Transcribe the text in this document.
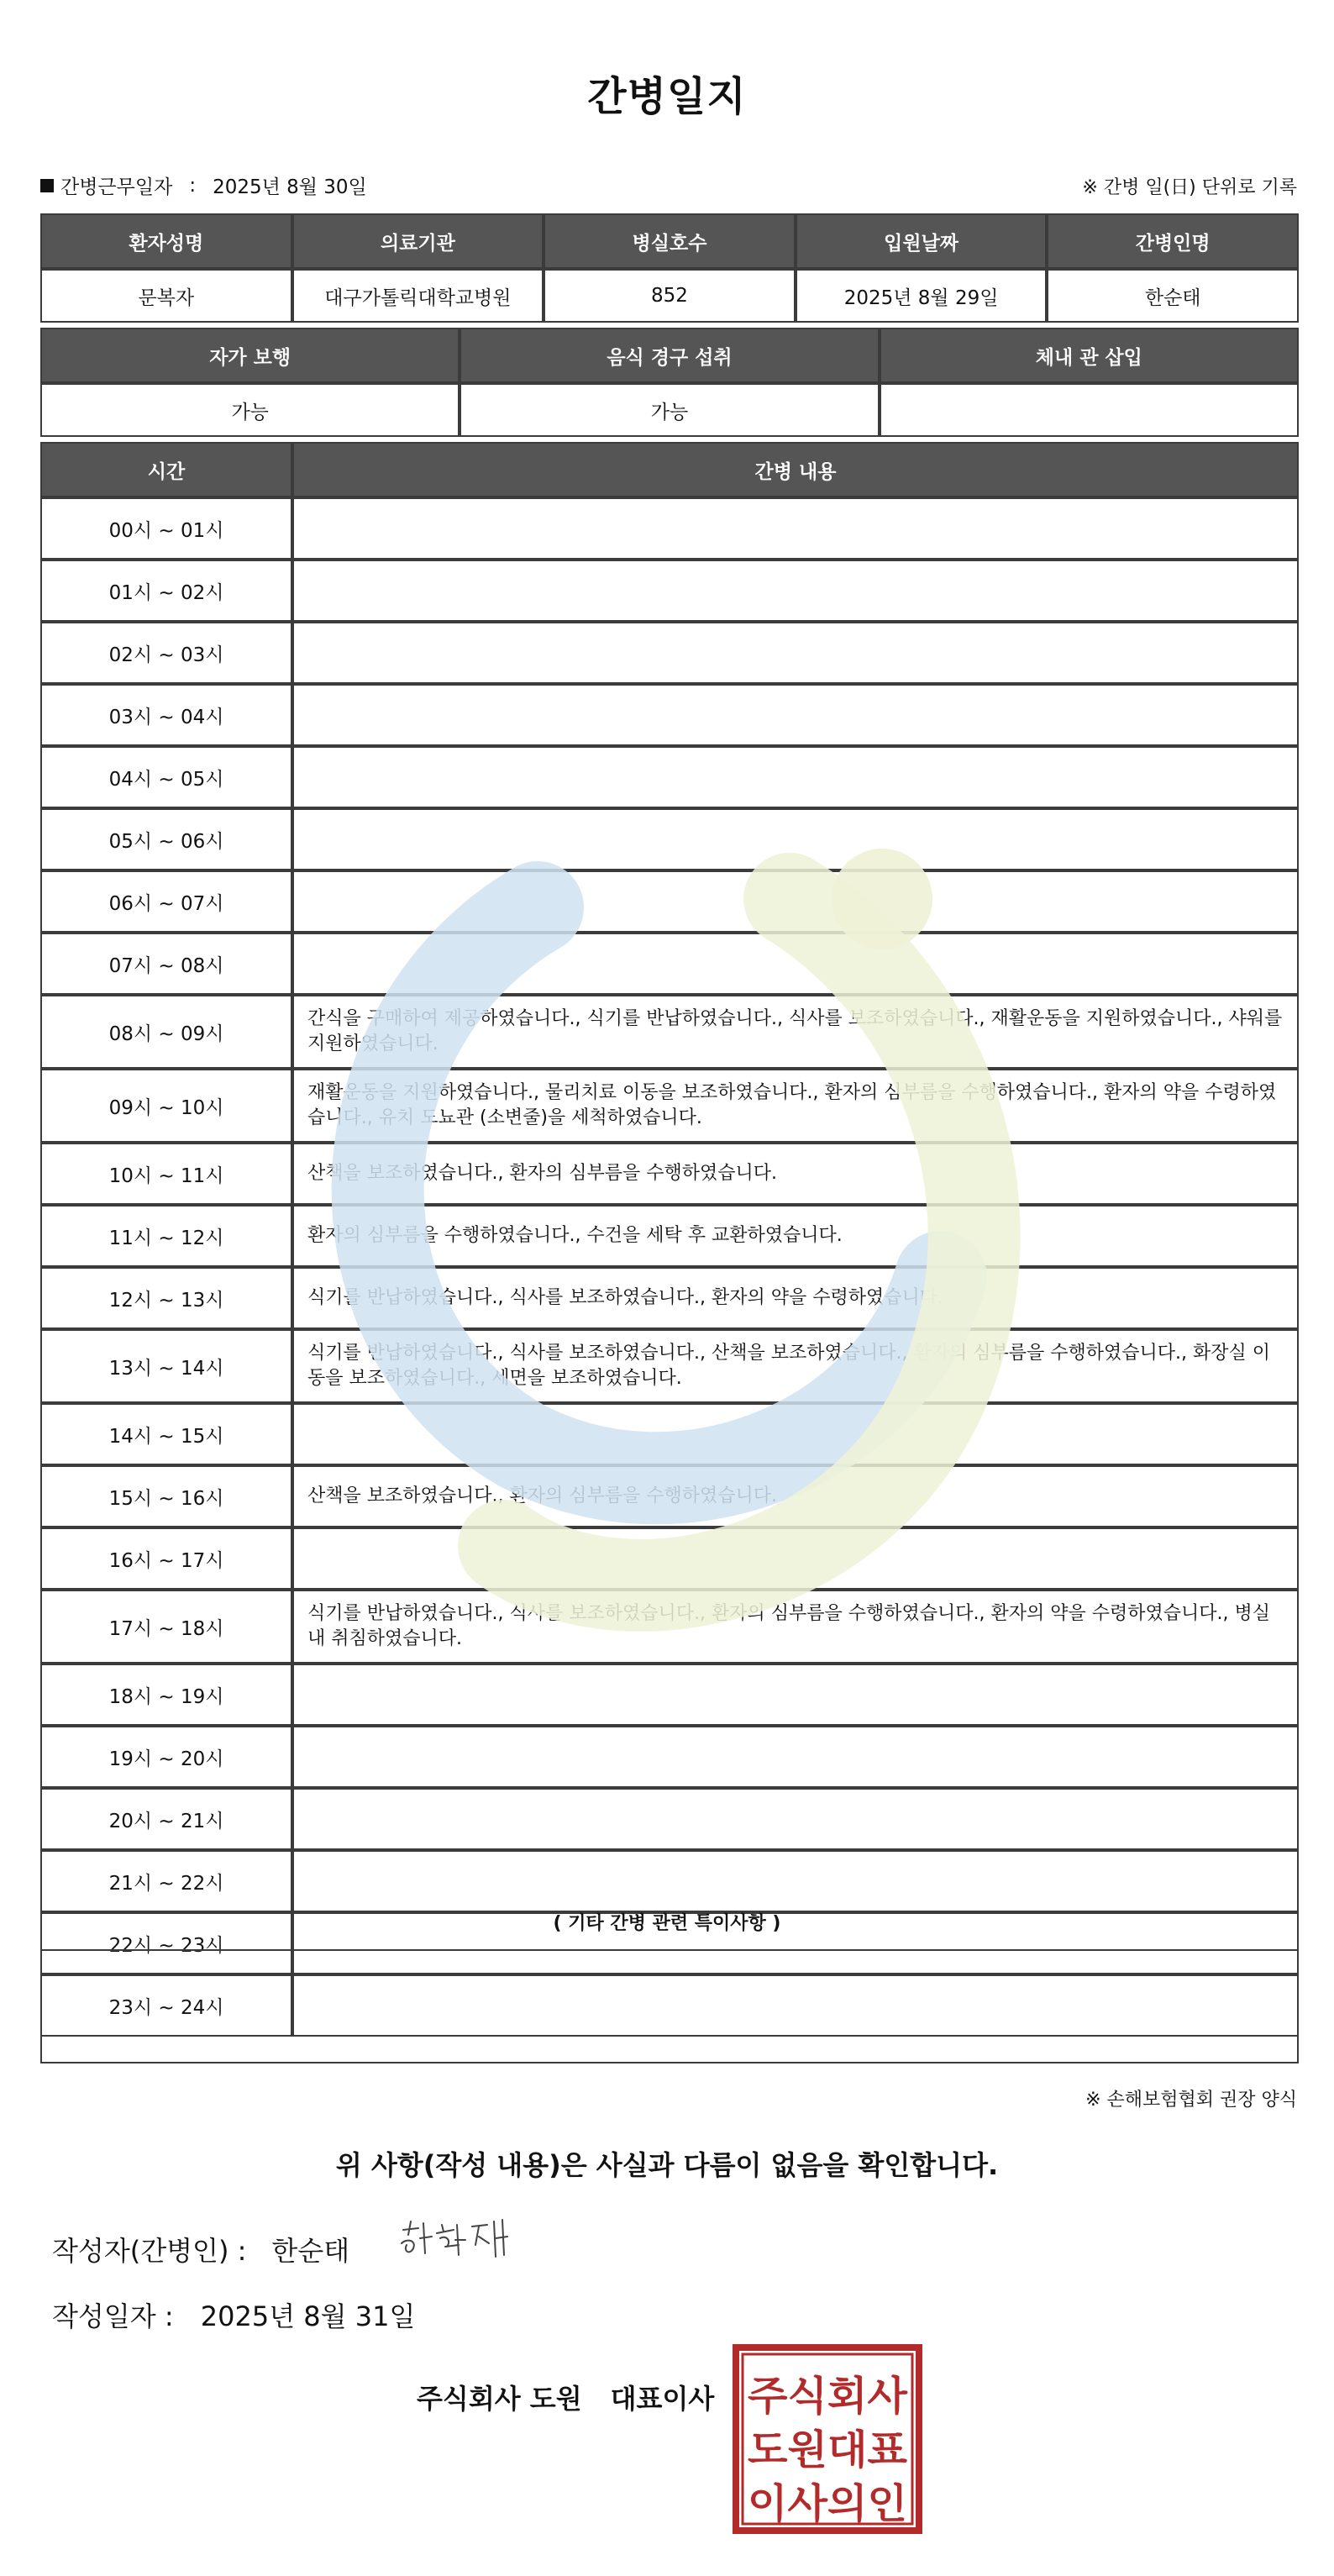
간병일지
간병근무일자 : 2025년 8월 30일	※ 간병 일(日) 단위로 기록
환자성명	의료기관	병실호수	입원날짜	간병인명
문복자	대구가톨릭대학교병원	852	2025년 8월 29일	한순태
자가 보행	음식 경구 섭취	체내 관 삽입
가능	가능	
시간	간병 내용
00시 ~ 01시	
01시 ~ 02시	
02시 ~ 03시	
03시 ~ 04시	
04시 ~ 05시	
05시 ~ 06시	
06시 ~ 07시	
07시 ~ 08시	
08시 ~ 09시	간식을 구매하여 제공하였습니다., 식기를 반납하였습니다., 식사를 보조하였습니다., 재활운동을 지원하였습니다., 샤워를 지원하였습니다.
09시 ~ 10시	재활운동을 지원하였습니다., 물리치료 이동을 보조하였습니다., 환자의 심부름을 수행하였습니다., 환자의 약을 수령하였습니다., 유치 도뇨관 (소변줄)을 세척하였습니다.
10시 ~ 11시	산책을 보조하였습니다., 환자의 심부름을 수행하였습니다.
11시 ~ 12시	환자의 심부름을 수행하였습니다., 수건을 세탁 후 교환하였습니다.
12시 ~ 13시	식기를 반납하였습니다., 식사를 보조하였습니다., 환자의 약을 수령하였습니다.
13시 ~ 14시	식기를 반납하였습니다., 식사를 보조하였습니다., 산책을 보조하였습니다., 환자의 심부름을 수행하였습니다., 화장실 이동을 보조하였습니다., 세면을 보조하였습니다.
14시 ~ 15시	
15시 ~ 16시	산책을 보조하였습니다., 환자의 심부름을 수행하였습니다.
16시 ~ 17시	
17시 ~ 18시	식기를 반납하였습니다., 식사를 보조하였습니다., 환자의 심부름을 수행하였습니다., 환자의 약을 수령하였습니다., 병실 내 취침하였습니다.
18시 ~ 19시	
19시 ~ 20시	
20시 ~ 21시	
21시 ~ 22시	
22시 ~ 23시	
23시 ~ 24시	
( 기타 간병 관련 특이사항 )
※ 손해보험협회 권장 양식
위 사항(작성 내용)은 사실과 다름이 없음을 확인합니다.
작성자(간병인) : 한순태
작성일자 : 2025년 8월 31일
주식회사 도원 대표이사 주식회사
도원대표
이사의인
